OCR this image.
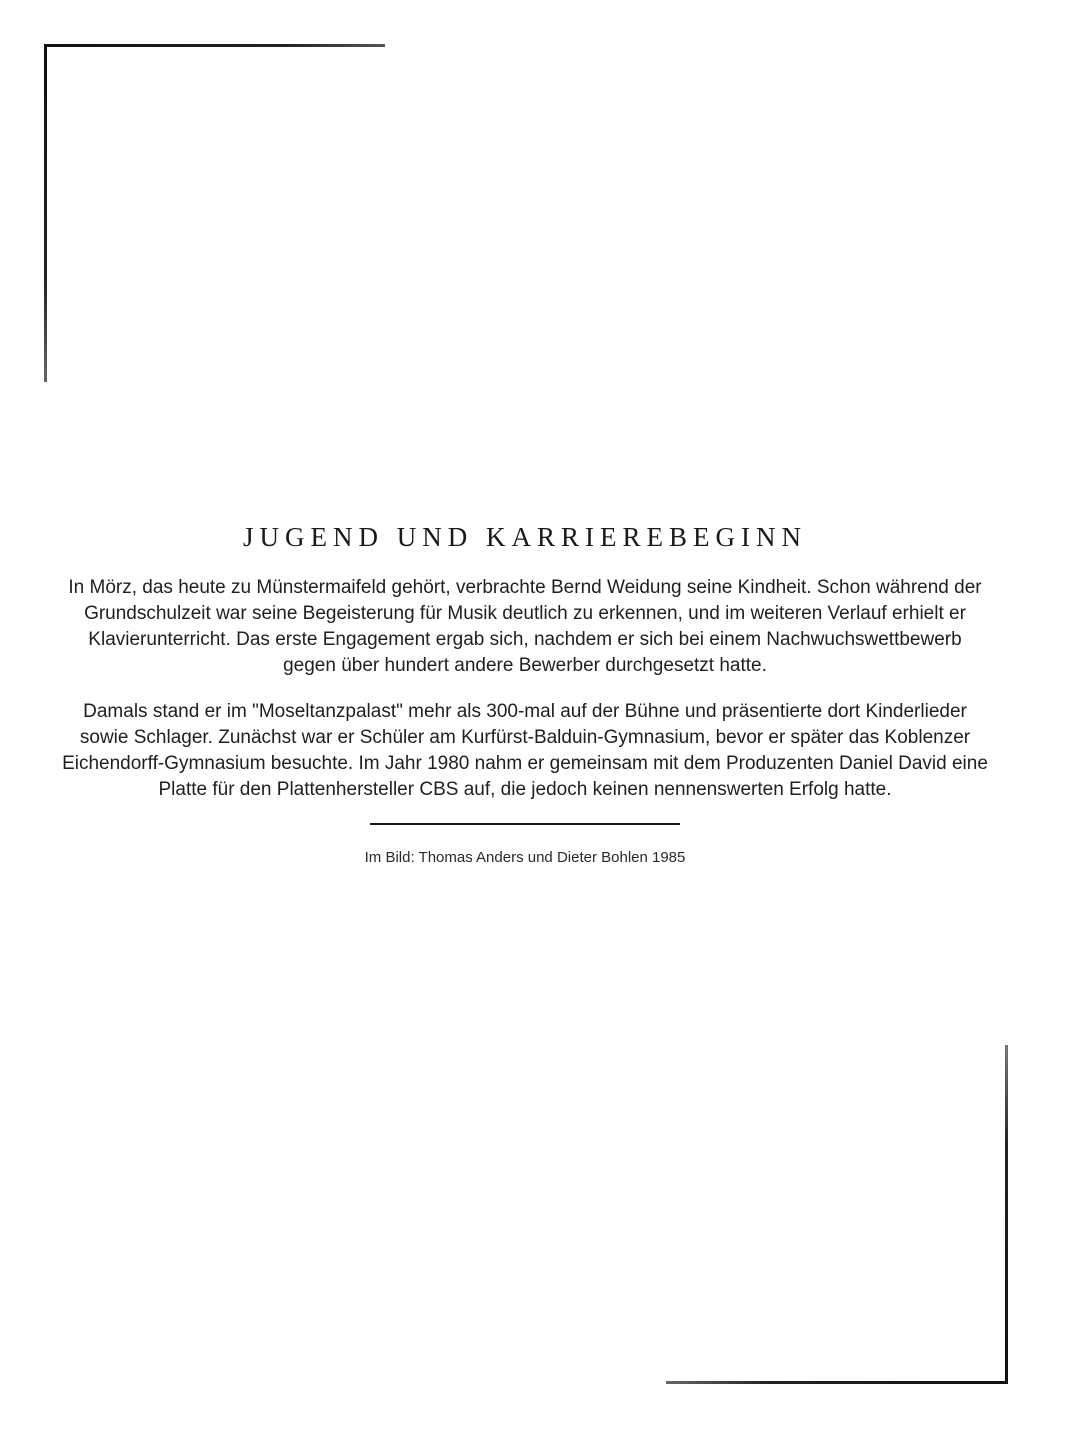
JUGEND UND KARRIEREBEGINN

In Mörz, das heute zu Münstermaifeld gehört, verbrachte Bernd Weidung seine Kindheit. Schon während der Grundschulzeit war seine Begeisterung für Musik deutlich zu erkennen, und im weiteren Verlauf erhielt er Klavierunterricht. Das erste Engagement ergab sich, nachdem er sich bei einem Nachwuchswettbewerb gegen über hundert andere Bewerber durchgesetzt hatte.

Damals stand er im "Moseltanzpalast" mehr als 300-mal auf der Bühne und präsentierte dort Kinderlieder sowie Schlager. Zunächst war er Schüler am Kurfürst-Balduin-Gymnasium, bevor er später das Koblenzer Eichendorff-Gymnasium besuchte. Im Jahr 1980 nahm er gemeinsam mit dem Produzenten Daniel David eine Platte für den Plattenhersteller CBS auf, die jedoch keinen nennenswerten Erfolg hatte.

Im Bild: Thomas Anders und Dieter Bohlen 1985
